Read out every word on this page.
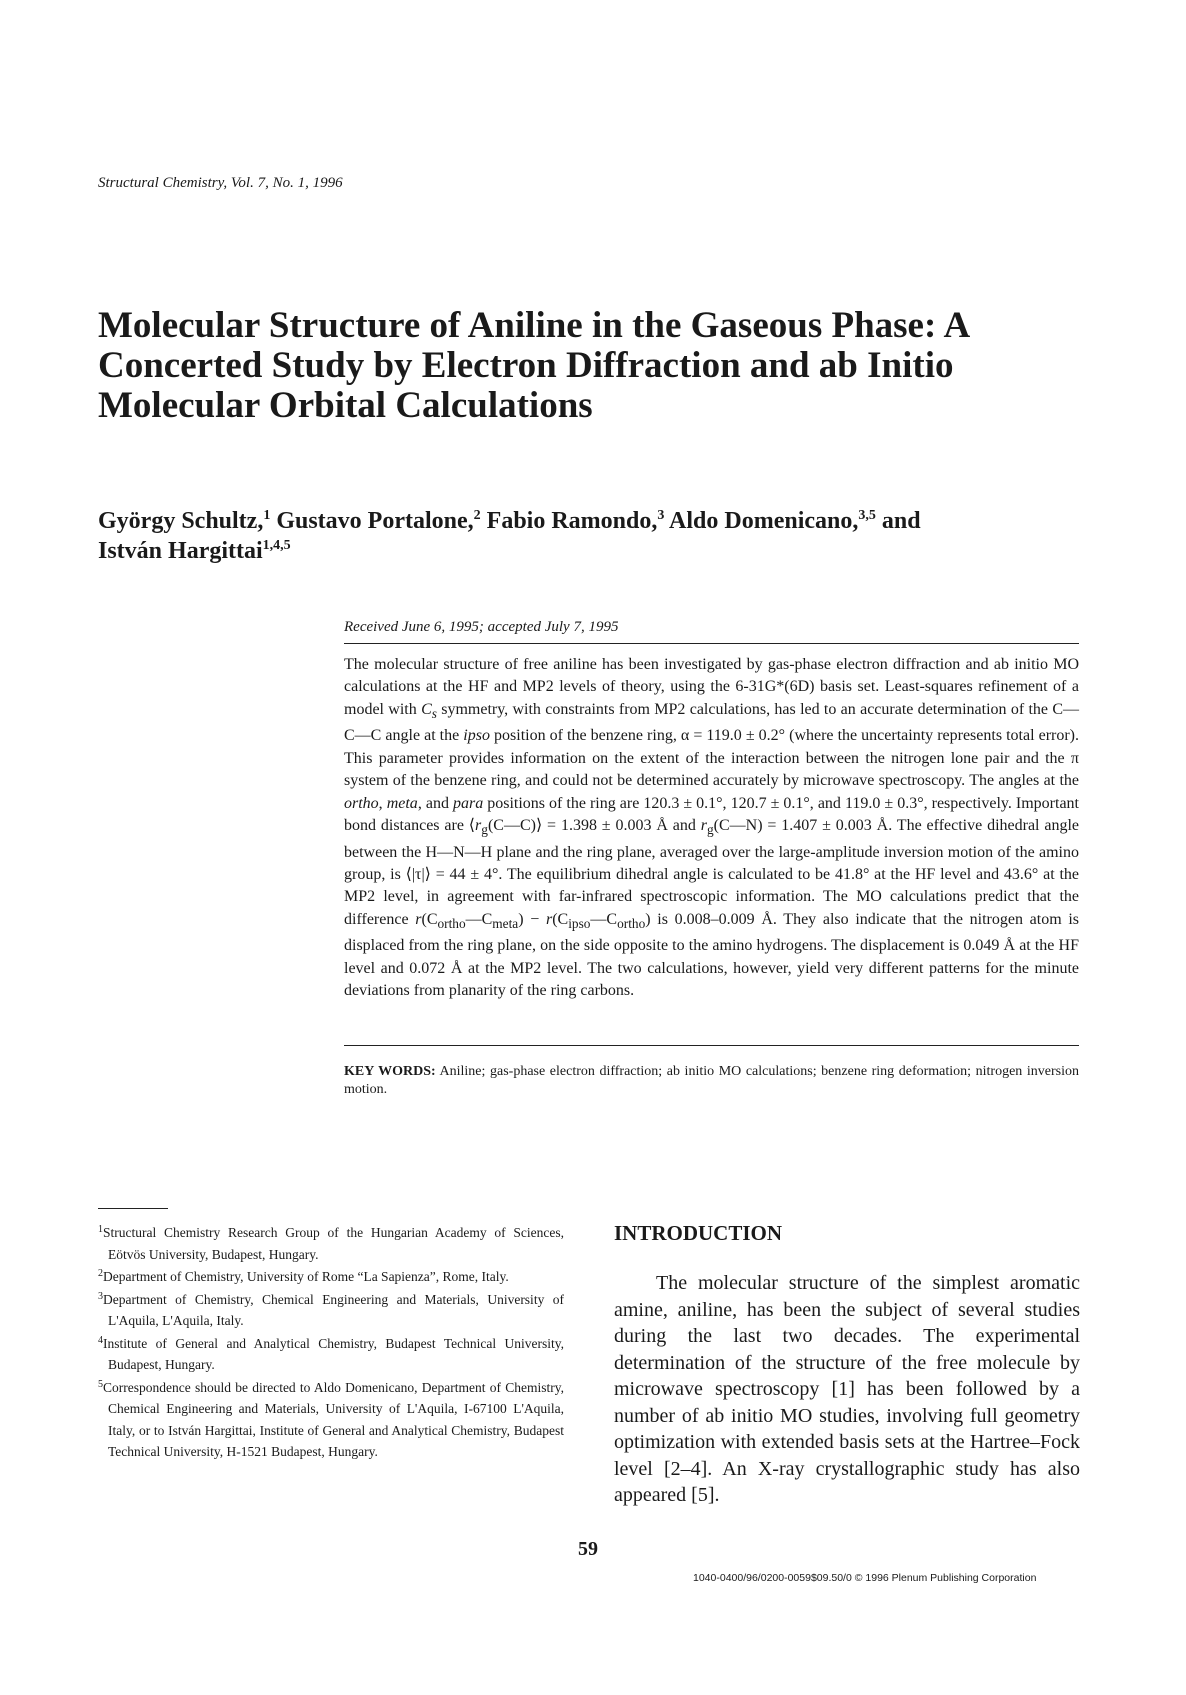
Structural Chemistry, Vol. 7, No. 1, 1996
Molecular Structure of Aniline in the Gaseous Phase: A Concerted Study by Electron Diffraction and ab Initio Molecular Orbital Calculations
György Schultz,$^1$ Gustavo Portalone,$^2$ Fabio Ramondo,$^3$ Aldo Domenicano,$^{3,5}$ and
István Hargittai$^{1,4,5}$
Received June 6, 1995; accepted July 7, 1995

The molecular structure of free aniline has been investigated by gas-phase electron diffraction and ab initio MO calculations at the HF and MP2 levels of theory, using the 6-31G*(6D) basis set. Least-squares refinement of a model with $C_s$ symmetry, with constraints from MP2 calculations, has led to an accurate determination of the C—C—C angle at the ipso position of the benzene ring, α = 119.0 ± 0.2° (where the uncertainty represents total error). This parameter provides information on the extent of the interaction between the nitrogen lone pair and the π system of the benzene ring, and could not be determined accurately by microwave spectroscopy. The angles at the ortho, meta, and para positions of the ring are 120.3 ± 0.1°, 120.7 ± 0.1°, and 119.0 ± 0.3°, respectively. Important bond distances are $⟨r_g(C—C)⟩ = 1.398 \pm 0.003$ Å and $r_g(C—N) = 1.407 \pm 0.003$ Å. The effective dihedral angle between the H—N—H plane and the ring plane, averaged over the large-amplitude inversion motion of the amino group, is ⟨|τ|⟩ = 44 ± 4°. The equilibrium dihedral angle is calculated to be 41.8° at the HF level and 43.6° at the MP2 level, in agreement with far-infrared spectroscopic information. The MO calculations predict that the difference $r(C_{ortho}—C_{meta})$ − $r(C_{ipso}—C_{ortho})$ is 0.008–0.009 Å. They also indicate that the nitrogen atom is displaced from the ring plane, on the side opposite to the amino hydrogens. The displacement is 0.049 Å at the HF level and 0.072 Å at the MP2 level. The two calculations, however, yield very different patterns for the minute deviations from planarity of the ring carbons.

KEY WORDS: Aniline; gas-phase electron diffraction; ab initio MO calculations; benzene ring deformation; nitrogen inversion motion.

$^1$Structural Chemistry Research Group of the Hungarian Academy of Sciences, Eötvös University, Budapest, Hungary.

$^2$Department of Chemistry, University of Rome “La Sapienza”, Rome, Italy.

$^3$Department of Chemistry, Chemical Engineering and Materials, University of L'Aquila, L'Aquila, Italy.

$^4$Institute of General and Analytical Chemistry, Budapest Technical University, Budapest, Hungary.

$^5$Correspondence should be directed to Aldo Domenicano, Department of Chemistry, Chemical Engineering and Materials, University of L'Aquila, I-67100 L'Aquila, Italy, or to István Hargittai, Institute of General and Analytical Chemistry, Budapest Technical University, H-1521 Budapest, Hungary.

INTRODUCTION

The molecular structure of the simplest aromatic amine, aniline, has been the subject of several studies during the last two decades. The experimental determination of the structure of the free molecule by microwave spectroscopy [1] has been followed by a number of ab initio MO studies, involving full geometry optimization with extended basis sets at the Hartree–Fock level [2–4]. An X-ray crystallographic study has also appeared [5].

59
1040-0400/96/0200-0059$09.50/0 © 1996 Plenum Publishing Corporation
